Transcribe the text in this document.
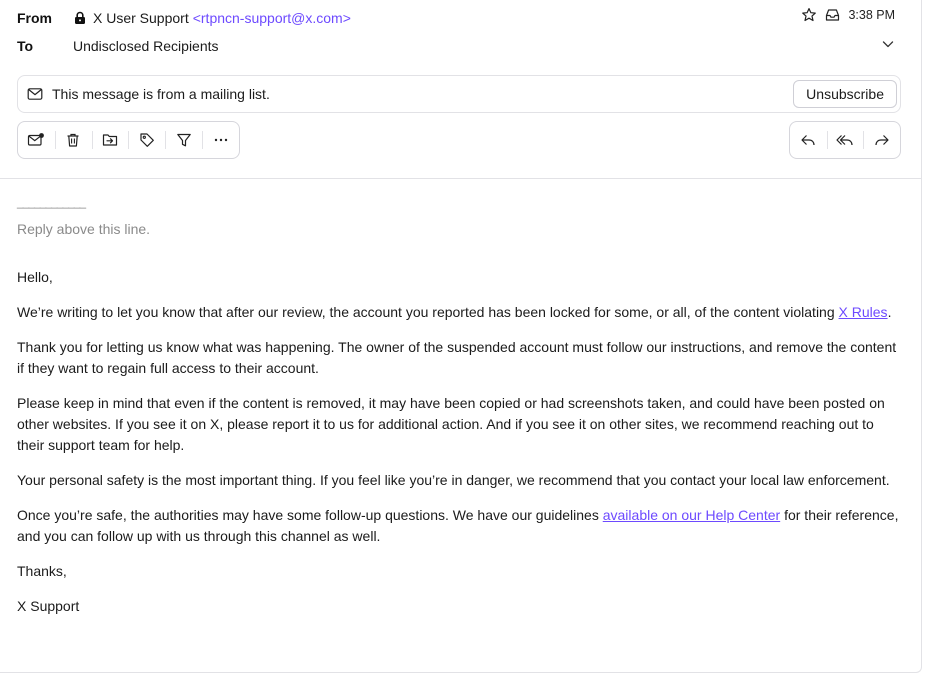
From	X User Support <rtpncn-support@x.com>
To	Undisclosed Recipients
3:38 PM
This message is from a mailing list.	Unsubscribe
____________
Reply above this line.

Hello,

We’re writing to let you know that after our review, the account you reported has been locked for some, or all, of the content violating X Rules.

Thank you for letting us know what was happening. The owner of the suspended account must follow our instructions, and remove the content if they want to regain full access to their account.

Please keep in mind that even if the content is removed, it may have been copied or had screenshots taken, and could have been posted on other websites. If you see it on X, please report it to us for additional action. And if you see it on other sites, we recommend reaching out to their support team for help.

Your personal safety is the most important thing. If you feel like you’re in danger, we recommend that you contact your local law enforcement.

Once you’re safe, the authorities may have some follow-up questions. We have our guidelines available on our Help Center for their reference, and you can follow up with us through this channel as well.

Thanks,

X Support
